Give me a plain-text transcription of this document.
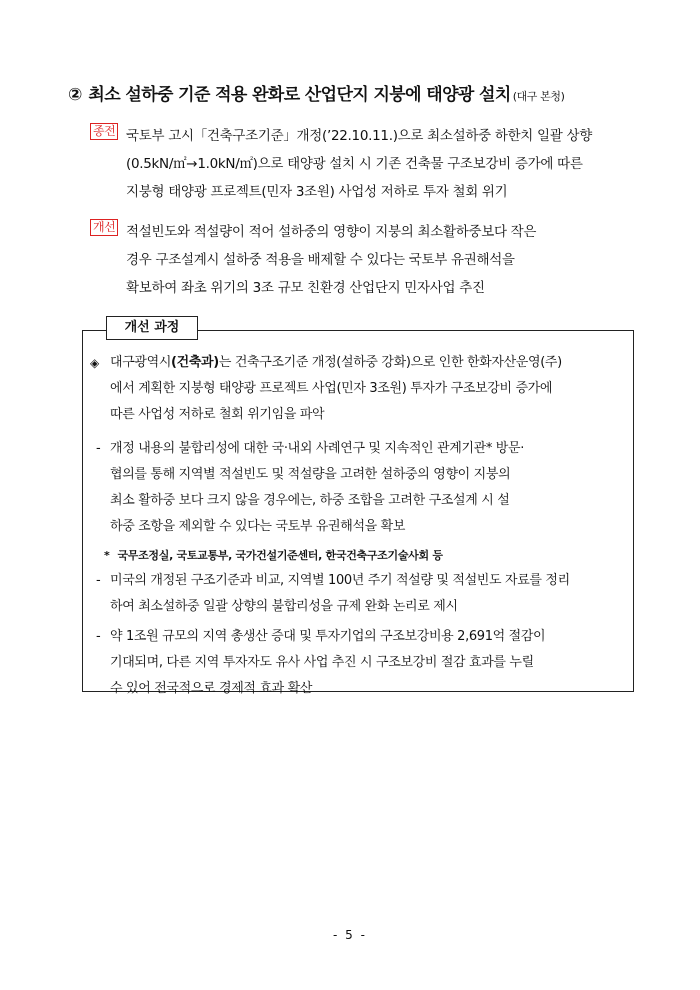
② 최소 설하중 기준 적용 완화로 산업단지 지붕에 태양광 설치 (대구 본청)
종전 국토부 고시「건축구조기준」개정(’22.10.11.)으로 최소설하중 하한치 일괄 상향
(0.5kN/㎡→1.0kN/㎡)으로 태양광 설치 시 기존 건축물 구조보강비 증가에 따른
지붕형 태양광 프로젝트(민자 3조원) 사업성 저하로 투자 철회 위기
개선 적설빈도와 적설량이 적어 설하중의 영향이 지붕의 최소활하중보다 작은
경우 구조설계시 설하중 적용을 배제할 수 있다는 국토부 유권해석을
확보하여 좌초 위기의 3조 규모 친환경 산업단지 민자사업 추진
개선 과정
◈ 대구광역시(건축과)는 건축구조기준 개정(설하중 강화)으로 인한 한화자산운영(주)
에서 계획한 지붕형 태양광 프로젝트 사업(민자 3조원) 투자가 구조보강비 증가에
따른 사업성 저하로 철회 위기임을 파악
- 개정 내용의 불합리성에 대한 국·내외 사례연구 및 지속적인 관계기관* 방문·
협의를 통해 지역별 적설빈도 및 적설량을 고려한 설하중의 영향이 지붕의
최소 활하중 보다 크지 않을 경우에는, 하중 조합을 고려한 구조설계 시 설
하중 조항을 제외할 수 있다는 국토부 유권해석을 확보
* 국무조정실, 국토교통부, 국가건설기준센터, 한국건축구조기술사회 등
- 미국의 개정된 구조기준과 비교, 지역별 100년 주기 적설량 및 적설빈도 자료를 정리
하여 최소설하중 일괄 상향의 불합리성을 규제 완화 논리로 제시
- 약 1조원 규모의 지역 총생산 증대 및 투자기업의 구조보강비용 2,691억 절감이
기대되며, 다른 지역 투자자도 유사 사업 추진 시 구조보강비 절감 효과를 누릴
수 있어 전국적으로 경제적 효과 확산
- 5 -
